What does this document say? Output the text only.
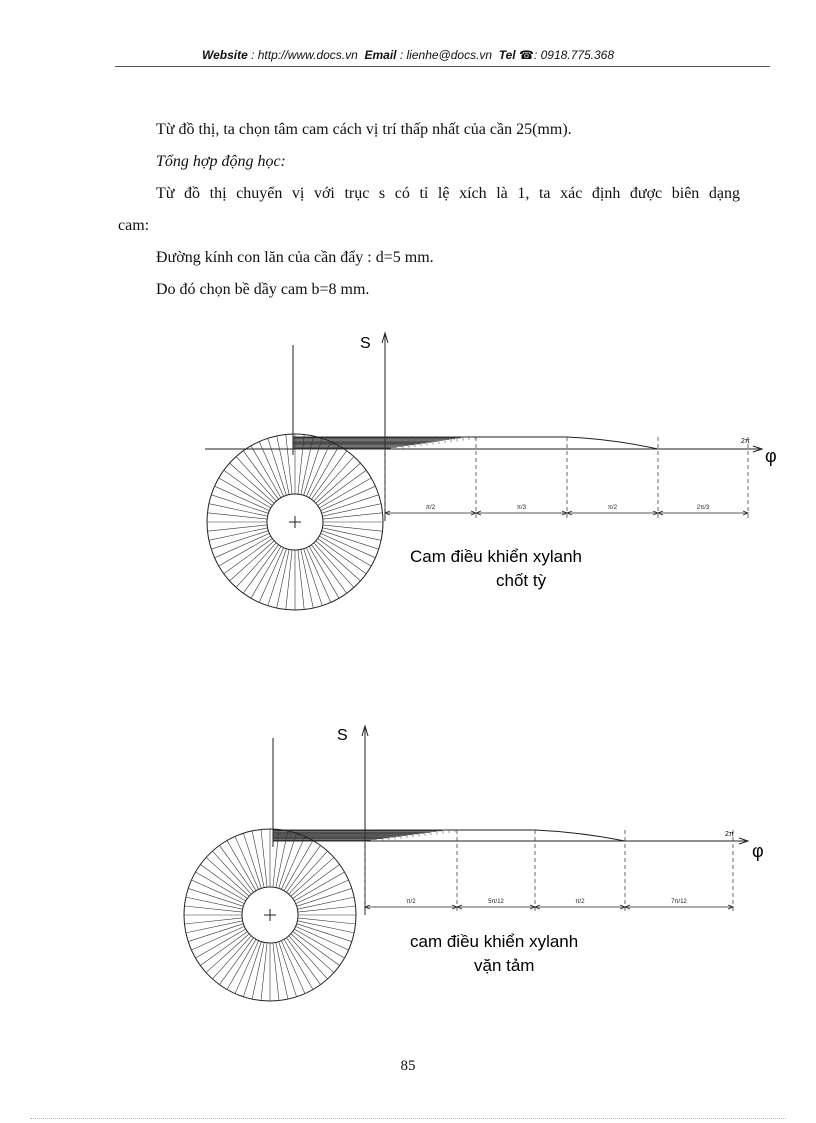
Website : http://www.docs.vn Email : lienhe@docs.vn Tel ☎: 0918.775.368
Từ đồ thị, ta chọn tâm cam cách vị trí thấp nhất của cần 25(mm).
Tổng hợp động học:
Từ đồ thị chuyển vị với trục s có tỉ lệ xích là 1, ta xác định được biên dạng
cam:
Đường kính con lăn của cần đẩy : d=5 mm.
Do đó chọn bề dầy cam b=8 mm.
S
φ
2π
Cam điều khiển xylanh
chốt tỳ
π/2	π/3	π/2	2π/3
S
φ
2π
cam điều khiển xylanh
vặn tảm
π/2	5π/12	π/2	7π/12
85
